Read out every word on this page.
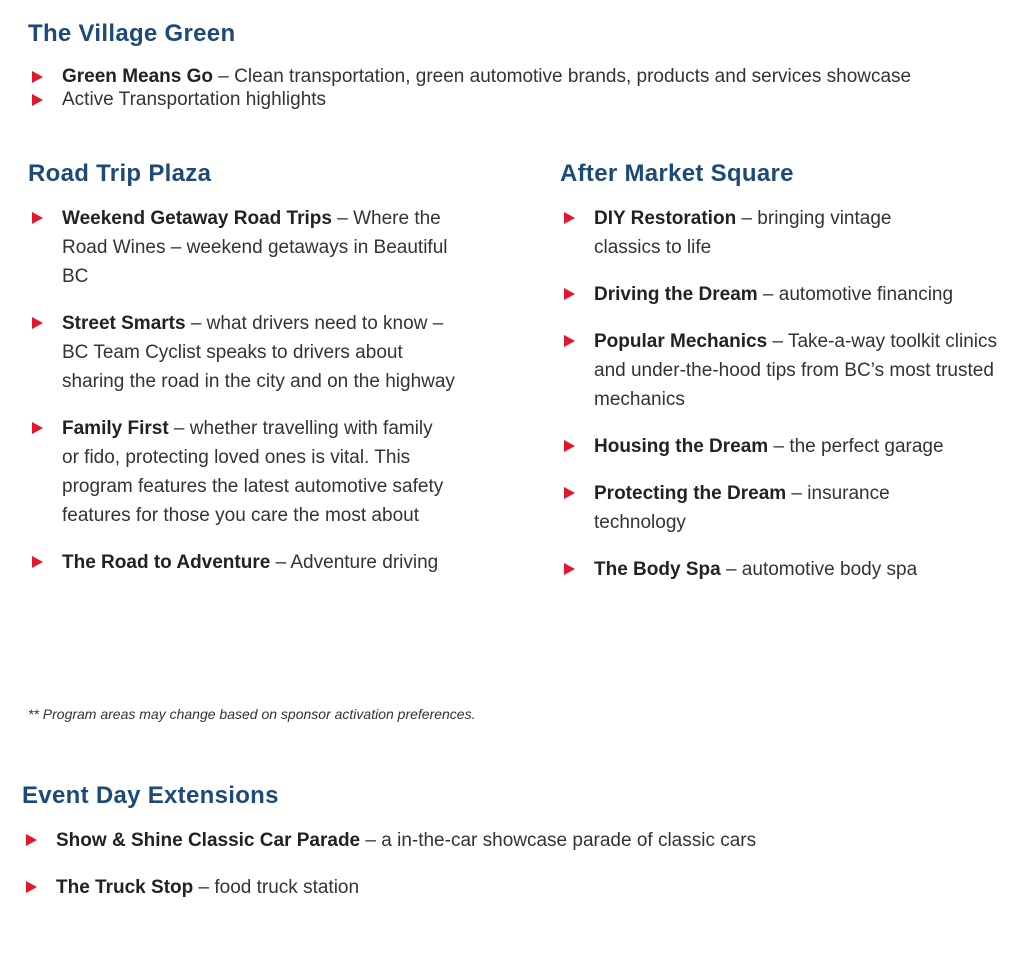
The Village Green
Green Means Go – Clean transportation, green automotive brands, products and services showcase
Active Transportation highlights
Road Trip Plaza
Weekend Getaway Road Trips – Where the Road Wines – weekend getaways in Beautiful BC
Street Smarts – what drivers need to know – BC Team Cyclist speaks to drivers about sharing the road in the city and on the highway
Family First – whether travelling with family or fido, protecting loved ones is vital. This program features the latest automotive safety features for those you care the most about
The Road to Adventure – Adventure driving
After Market Square
DIY Restoration – bringing vintage classics to life
Driving the Dream – automotive financing
Popular Mechanics – Take-a-way toolkit clinics and under-the-hood tips from BC’s most trusted mechanics
Housing the Dream – the perfect garage
Protecting the Dream – insurance technology
The Body Spa – automotive body spa
** Program areas may change based on sponsor activation preferences.
Event Day Extensions
Show & Shine Classic Car Parade – a in-the-car showcase parade of classic cars
The Truck Stop – food truck station
